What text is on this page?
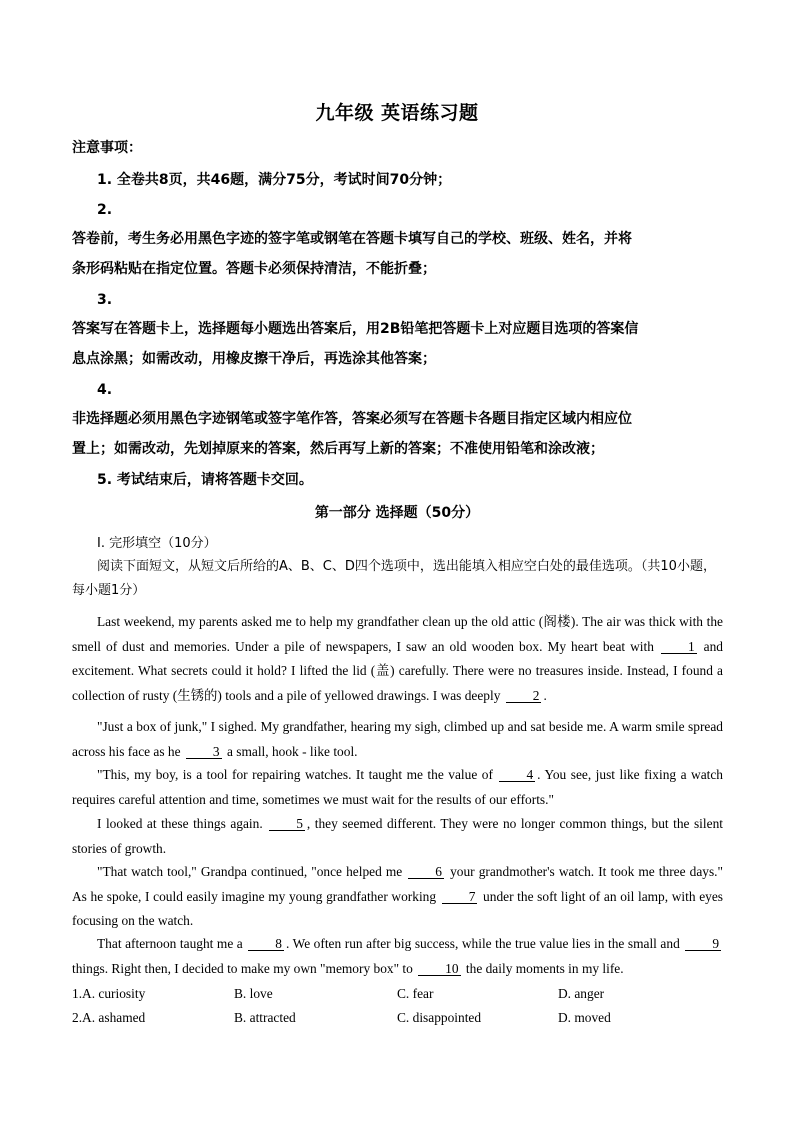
九年级 英语练习题
注意事项：
1. 全卷共8页，共46题，满分75分，考试时间70分钟；
2.
答卷前，考生务必用黑色字迹的签字笔或钢笔在答题卡填写自己的学校、班级、姓名，并将
条形码粘贴在指定位置。答题卡必须保持清洁，不能折叠；
3.
答案写在答题卡上，选择题每小题选出答案后，用2B铅笔把答题卡上对应题目选项的答案信
息点涂黑；如需改动，用橡皮擦干净后，再选涂其他答案；
4.
非选择题必须用黑色字迹钢笔或签字笔作答，答案必须写在答题卡各题目指定区域内相应位
置上；如需改动，先划掉原来的答案，然后再写上新的答案；不准使用铅笔和涂改液；
5. 考试结束后，请将答题卡交回。
第一部分 选择题（50分）
I. 完形填空（10分）
阅读下面短文，从短文后所给的A、B、C、D四个选项中，选出能填入相应空白处的最佳选项。（共10小题，每小题1分）
Last weekend, my parents asked me to help my grandfather clean up the old attic (阁楼). The air was thick with the smell of dust and memories. Under a pile of newspapers, I saw an old wooden box. My heart beat with 1 and excitement. What secrets could it hold? I lifted the lid (盖) carefully. There were no treasures inside. Instead, I found a collection of rusty (生锈的) tools and a pile of yellowed drawings. I was deeply 2 .
"Just a box of junk," I sighed. My grandfather, hearing my sigh, climbed up and sat beside me. A warm smile spread across his face as he 3 a small, hook - like tool.
"This, my boy, is a tool for repairing watches. It taught me the value of 4 . You see, just like fixing a watch requires careful attention and time, sometimes we must wait for the results of our efforts."
I looked at these things again. 5 , they seemed different. They were no longer common things, but the silent stories of growth.
"That watch tool," Grandpa continued, "once helped me 6 your grandmother's watch. It took me three days." As he spoke, I could easily imagine my young grandfather working 7 under the soft light of an oil lamp, with eyes focusing on the watch.
That afternoon taught me a 8 . We often run after big success, while the true value lies in the small and 9 things. Right then, I decided to make my own "memory box" to 10 the daily moments in my life.
1.A. curiosity	B. love	C. fear	D. anger
2.A. ashamed	B. attracted	C. disappointed	D. moved
